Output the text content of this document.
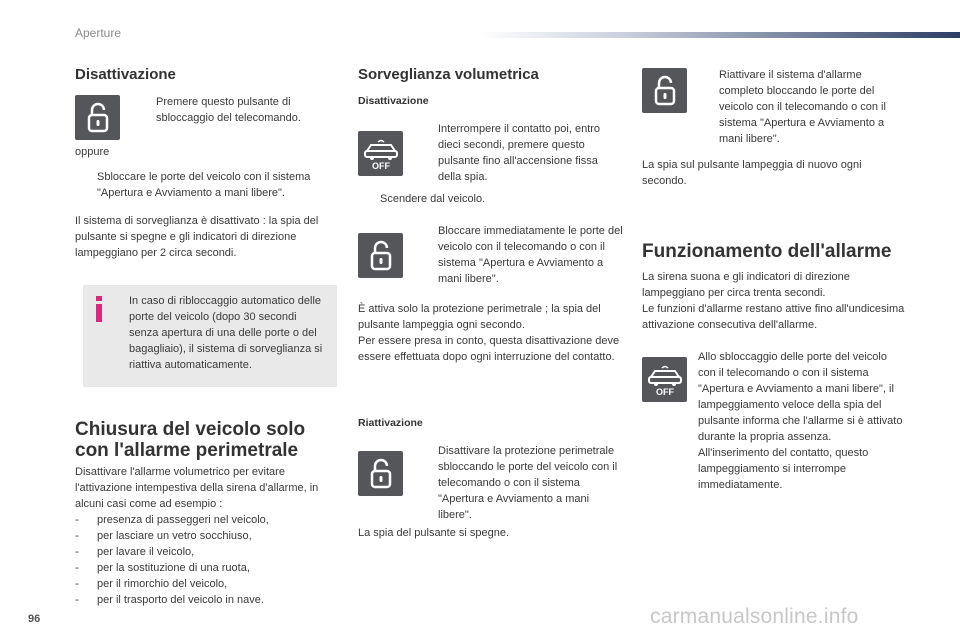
Aperture
Disattivazione

Premere questo pulsante di sbloccaggio del telecomando.

oppure

Sbloccare le porte del veicolo con il sistema "Apertura e Avviamento a mani libere".

Il sistema di sorveglianza è disattivato : la spia del pulsante si spegne e gli indicatori di direzione lampeggiano per 2 circa secondi.

In caso di ribloccaggio automatico delle porte del veicolo (dopo 30 secondi senza apertura di una delle porte o del bagagliaio), il sistema di sorveglianza si riattiva automaticamente.

Chiusura del veicolo solo con l'allarme perimetrale

Disattivare l'allarme volumetrico per evitare l'attivazione intempestiva della sirena d'allarme, in alcuni casi come ad esempio :

-	presenza di passeggeri nel veicolo,
-	per lasciare un vetro socchiuso,
-	per lavare il veicolo,
-	per la sostituzione di una ruota,
-	per il rimorchio del veicolo,
-	per il trasporto del veicolo in nave.
Sorveglianza volumetrica
Disattivazione
OFF

Interrompere il contatto poi, entro dieci secondi, premere questo pulsante fino all'accensione fissa della spia.

Scendere dal veicolo.

Bloccare immediatamente le porte del veicolo con il telecomando o con il sistema "Apertura e Avviamento a mani libere".

È attiva solo la protezione perimetrale ; la spia del pulsante lampeggia ogni secondo.
Per essere presa in conto, questa disattivazione deve essere effettuata dopo ogni interruzione del contatto.

Riattivazione

Disattivare la protezione perimetrale sbloccando le porte del veicolo con il telecomando o con il sistema "Apertura e Avviamento a mani libere".

La spia del pulsante si spegne.

Riattivare il sistema d'allarme completo bloccando le porte del veicolo con il telecomando o con il sistema "Apertura e Avviamento a mani libere".

La spia sul pulsante lampeggia di nuovo ogni secondo.

Funzionamento dell'allarme

La sirena suona e gli indicatori di direzione lampeggiano per circa trenta secondi.
Le funzioni d'allarme restano attive fino all'undicesima attivazione consecutiva dell'allarme.

OFF

Allo sbloccaggio delle porte del veicolo con il telecomando o con il sistema "Apertura e Avviamento a mani libere", il lampeggiamento veloce della spia del pulsante informa che l'allarme si è attivato durante la propria assenza.
All'inserimento del contatto, questo lampeggiamento si interrompe immediatamente.

96	carmanualsonline.info
